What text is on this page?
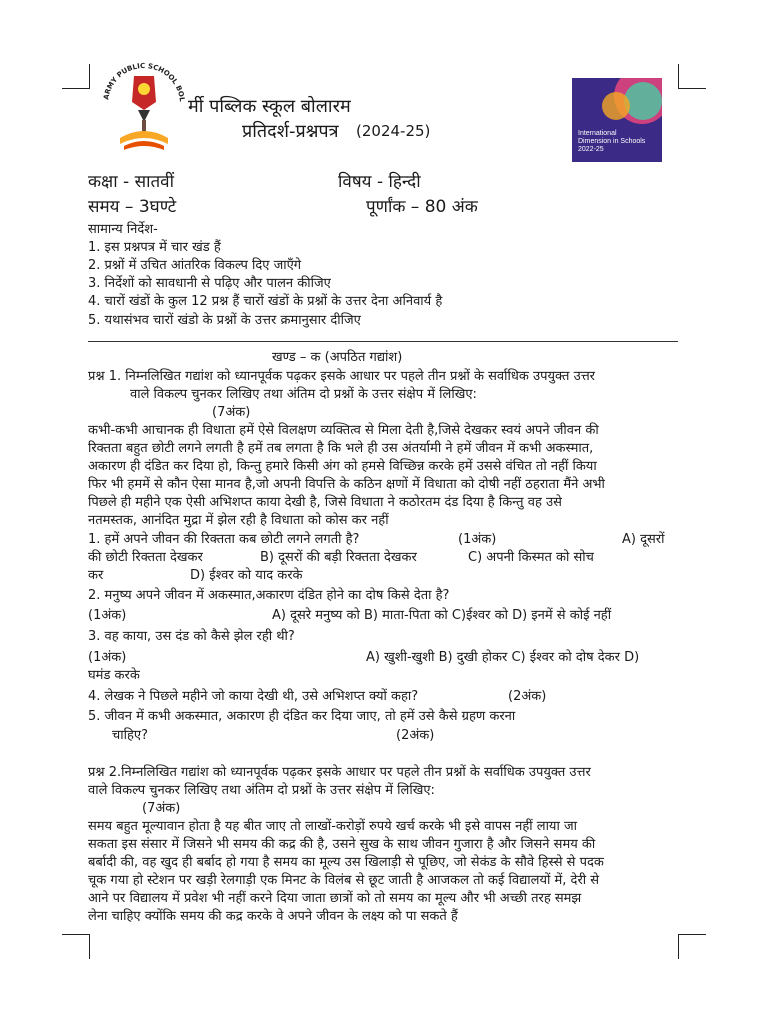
ARMY PUBLIC SCHOOL BOL र्मी पब्लिक स्कूल बोलारम
प्रतिदर्श-प्रश्नपत्र (2024-25)	International
Dimension in Schools
2022-25
कक्षा - सातवीं	विषय - हिन्दी
समय – 3घण्टे	पूर्णांक – 80 अंक
सामान्य निर्देश-
1. इस प्रश्नपत्र में चार खंड हैं
2. प्रश्नों में उचित आंतरिक विकल्प दिए जाएँगे
3. निर्देशों को सावधानी से पढ़िए और पालन कीजिए
4. चारों खंडों के कुल 12 प्रश्न हैं चारों खंडों के प्रश्नों के उत्तर देना अनिवार्य है
5. यथासंभव चारों खंडो के प्रश्नों के उत्तर क्रमानुसार दीजिए
खण्ड – क (अपठित गद्यांश)
प्रश्न 1. निम्नलिखित गद्यांश को ध्यानपूर्वक पढ़कर इसके आधार पर पहले तीन प्रश्नों के सर्वाधिक उपयुक्त उत्तर
वाले विकल्प चुनकर लिखिए तथा अंतिम दो प्रश्नों के उत्तर संक्षेप में लिखिए:
(7अंक)
कभी-कभी आचानक ही विधाता हमें ऐसे विलक्षण व्यक्तित्व से मिला देती है,जिसे देखकर स्वयं अपने जीवन की
रिक्तता बहुत छोटी लगने लगती है हमें तब लगता है कि भले ही उस अंतर्यामी ने हमें जीवन में कभी अकस्मात,
अकारण ही दंडित कर दिया हो, किन्तु हमारे किसी अंग को हमसे विच्छिन्न करके हमें उससे वंचित तो नहीं किया
फिर भी हममें से कौन ऐसा मानव है,जो अपनी विपत्ति के कठिन क्षणों में विधाता को दोषी नहीं ठहराता मैंने अभी
पिछले ही महीने एक ऐसी अभिशप्त काया देखी है, जिसे विधाता ने कठोरतम दंड दिया है किन्तु वह उसे
नतमस्तक, आनंदित मुद्रा में झेल रही है विधाता को कोस कर नहीं
1. हमें अपने जीवन की रिक्तता कब छोटी लगने लगती है?	(1अंक)	A) दूसरों
की छोटी रिक्तता देखकर	B) दूसरों की बड़ी रिक्तता देखकर	C) अपनी किस्मत को सोच
कर	D) ईश्वर को याद करके
2. मनुष्य अपने जीवन में अकस्मात,अकारण दंडित होने का दोष किसे देता है?
(1अंक)	A) दूसरे मनुष्य को B) माता-पिता को C)ईश्वर को D) इनमें से कोई नहीं
3. वह काया, उस दंड को कैसे झेल रही थी?
(1अंक)	A) खुशी-खुशी B) दुखी होकर C) ईश्वर को दोष देकर D)
घमंड करके
4. लेखक ने पिछले महीने जो काया देखी थी, उसे अभिशप्त क्यों कहा?	(2अंक)
5. जीवन में कभी अकस्मात, अकारण ही दंडित कर दिया जाए, तो हमें उसे कैसे ग्रहण करना
चाहिए?	(2अंक)
प्रश्न 2.निम्नलिखित गद्यांश को ध्यानपूर्वक पढ़कर इसके आधार पर पहले तीन प्रश्नों के सर्वाधिक उपयुक्त उत्तर
वाले विकल्प चुनकर लिखिए तथा अंतिम दो प्रश्नों के उत्तर संक्षेप में लिखिए:
(7अंक)
समय बहुत मूल्यावान होता है यह बीत जाए तो लाखों-करोड़ों रुपये खर्च करके भी इसे वापस नहीं लाया जा
सकता इस संसार में जिसने भी समय की कद्र की है, उसने सुख के साथ जीवन गुजारा है और जिसने समय की
बर्बादी की, वह खुद ही बर्बाद हो गया है समय का मूल्य उस खिलाड़ी से पूछिए, जो सेकंड के सौवे हिस्से से पदक
चूक गया हो स्टेशन पर खड़ी रेलगाड़ी एक मिनट के विलंब से छूट जाती है आजकल तो कई विद्यालयों में, देरी से
आने पर विद्यालय में प्रवेश भी नहीं करने दिया जाता छात्रों को तो समय का मूल्य और भी अच्छी तरह समझ
लेना चाहिए क्योंकि समय की कद्र करके वे अपने जीवन के लक्ष्य को पा सकते हैं
